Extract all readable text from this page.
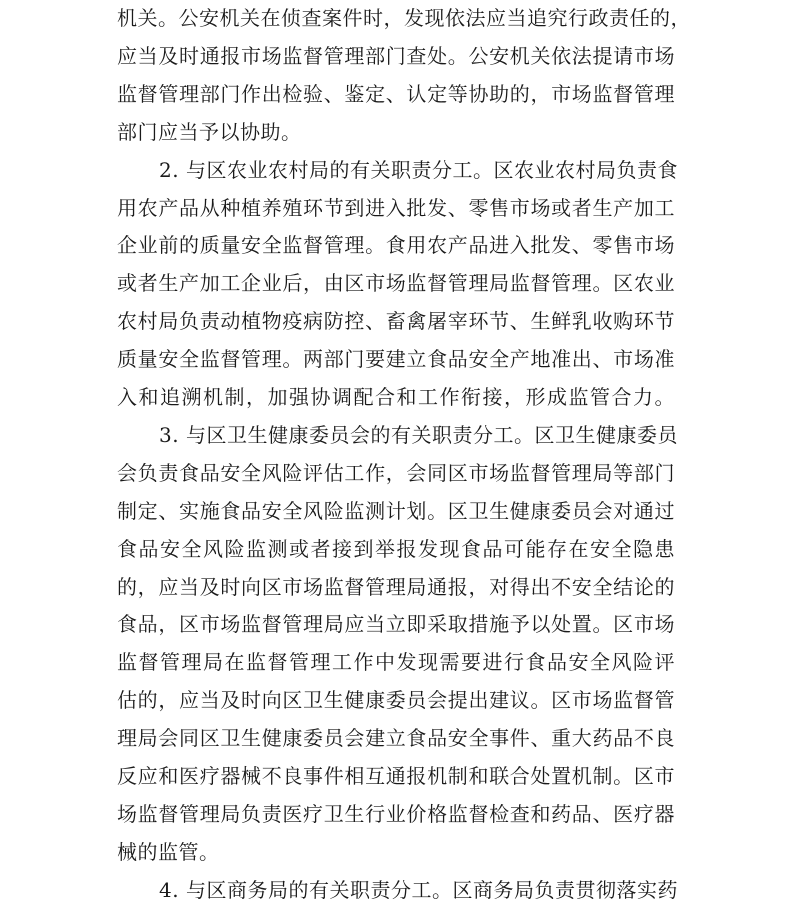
机关。公安机关在侦查案件时，发现依法应当追究行政责任的，

应当及时通报市场监督管理部门查处。公安机关依法提请市场

监督管理部门作出检验、鉴定、认定等协助的，市场监督管理

部门应当予以协助。

2. 与区农业农村局的有关职责分工。区农业农村局负责食

用农产品从种植养殖环节到进入批发、零售市场或者生产加工

企业前的质量安全监督管理。食用农产品进入批发、零售市场

或者生产加工企业后，由区市场监督管理局监督管理。区农业

农村局负责动植物疫病防控、畜禽屠宰环节、生鲜乳收购环节

质量安全监督管理。两部门要建立食品安全产地准出、市场准

入和追溯机制，加强协调配合和工作衔接，形成监管合力。

3. 与区卫生健康委员会的有关职责分工。区卫生健康委员

会负责食品安全风险评估工作，会同区市场监督管理局等部门

制定、实施食品安全风险监测计划。区卫生健康委员会对通过

食品安全风险监测或者接到举报发现食品可能存在安全隐患

的，应当及时向区市场监督管理局通报，对得出不安全结论的

食品，区市场监督管理局应当立即采取措施予以处置。区市场

监督管理局在监督管理工作中发现需要进行食品安全风险评

估的，应当及时向区卫生健康委员会提出建议。区市场监督管

理局会同区卫生健康委员会建立食品安全事件、重大药品不良

反应和医疗器械不良事件相互通报机制和联合处置机制。区市

场监督管理局负责医疗卫生行业价格监督检查和药品、医疗器

械的监管。

4. 与区商务局的有关职责分工。区商务局负责贯彻落实药
